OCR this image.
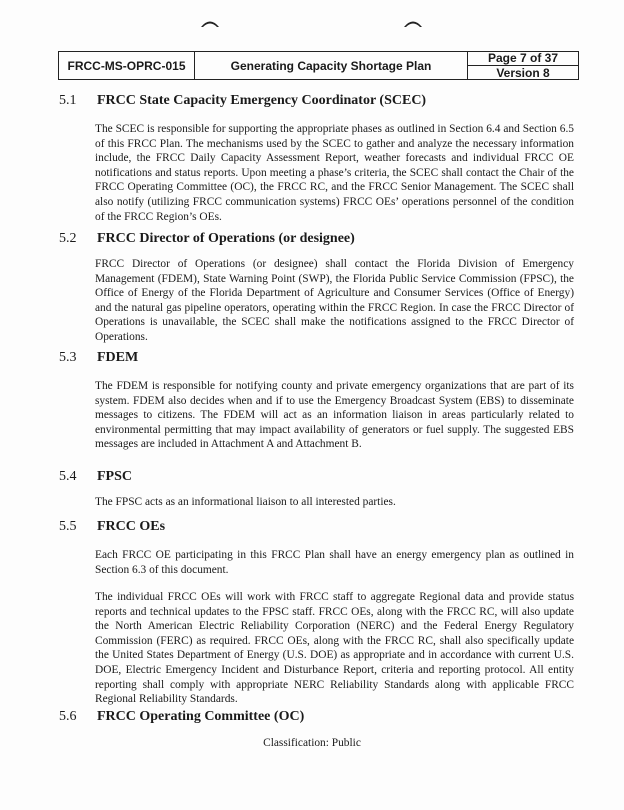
FRCC-MS-OPRC-015	Generating Capacity Shortage Plan
Page 7 of 37
Version 8
5.1	FRCC State Capacity Emergency Coordinator (SCEC)

The SCEC is responsible for supporting the appropriate phases as outlined in Section 6.4 and Section 6.5 of this FRCC Plan. The mechanisms used by the SCEC to gather and analyze the necessary information include, the FRCC Daily Capacity Assessment Report, weather forecasts and individual FRCC OE notifications and status reports. Upon meeting a phase’s criteria, the SCEC shall contact the Chair of the FRCC Operating Committee (OC), the FRCC RC, and the FRCC Senior Management. The SCEC shall also notify (utilizing FRCC communication systems) FRCC OEs’ operations personnel of the condition of the FRCC Region’s OEs.

5.2	FRCC Director of Operations (or designee)

FRCC Director of Operations (or designee) shall contact the Florida Division of Emergency Management (FDEM), State Warning Point (SWP), the Florida Public Service Commission (FPSC), the Office of Energy of the Florida Department of Agriculture and Consumer Services (Office of Energy) and the natural gas pipeline operators, operating within the FRCC Region. In case the FRCC Director of Operations is unavailable, the SCEC shall make the notifications assigned to the FRCC Director of Operations.

5.3	FDEM

The FDEM is responsible for notifying county and private emergency organizations that are part of its system. FDEM also decides when and if to use the Emergency Broadcast System (EBS) to disseminate messages to citizens. The FDEM will act as an information liaison in areas particularly related to environmental permitting that may impact availability of generators or fuel supply. The suggested EBS messages are included in Attachment A and Attachment B.

5.4	FPSC

The FPSC acts as an informational liaison to all interested parties.

5.5	FRCC OEs

Each FRCC OE participating in this FRCC Plan shall have an energy emergency plan as outlined in Section 6.3 of this document.

The individual FRCC OEs will work with FRCC staff to aggregate Regional data and provide status reports and technical updates to the FPSC staff. FRCC OEs, along with the FRCC RC, will also update the North American Electric Reliability Corporation (NERC) and the Federal Energy Regulatory Commission (FERC) as required. FRCC OEs, along with the FRCC RC, shall also specifically update the United States Department of Energy (U.S. DOE) as appropriate and in accordance with current U.S. DOE, Electric Emergency Incident and Disturbance Report, criteria and reporting protocol. All entity reporting shall comply with appropriate NERC Reliability Standards along with applicable FRCC Regional Reliability Standards.

5.6	FRCC Operating Committee (OC)
Classification: Public
